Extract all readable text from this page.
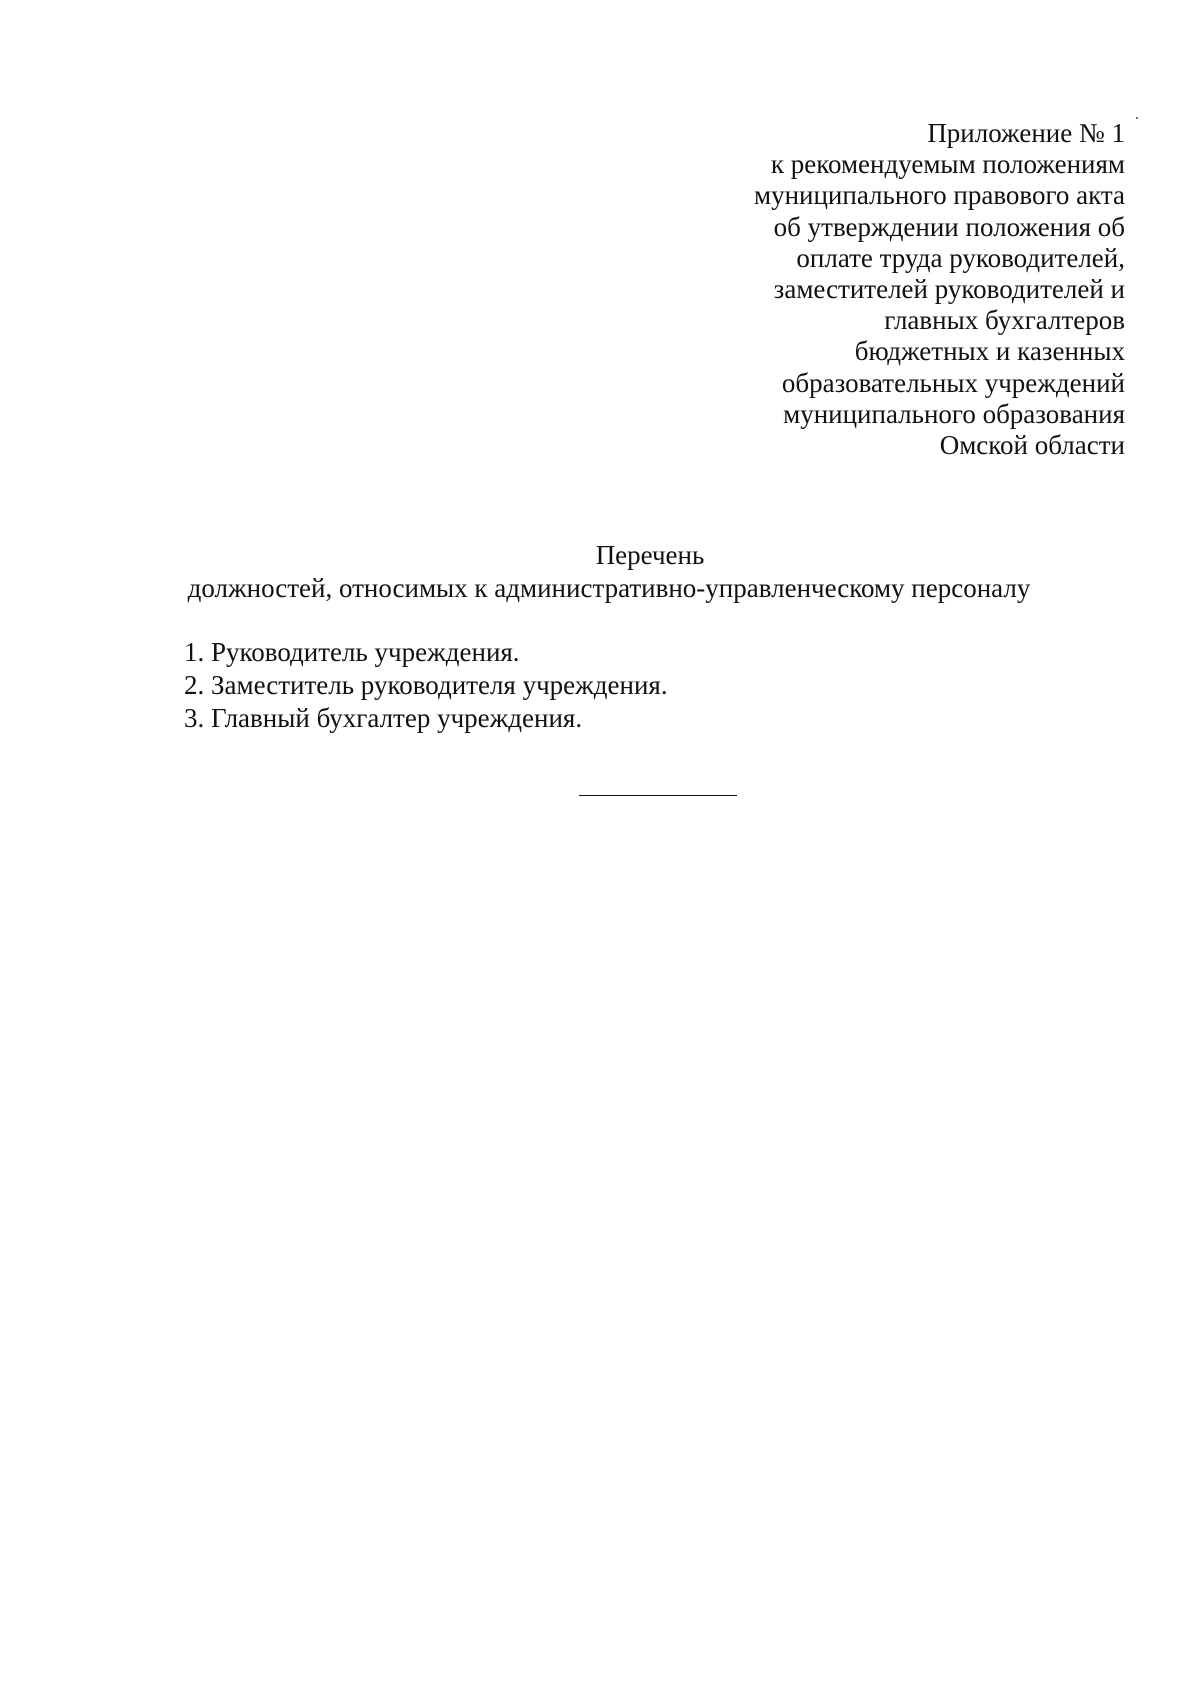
Приложение № 1
к рекомендуемым положениям
муниципального правового акта
об утверждении положения об
оплате труда руководителей,
заместителей руководителей и
главных бухгалтеров
бюджетных и казенных
образовательных учреждений
муниципального образования
Омской области
Перечень
должностей, относимых к административно-управленческому персоналу
1. Руководитель учреждения.
2. Заместитель руководителя учреждения.
3. Главный бухгалтер учреждения.
